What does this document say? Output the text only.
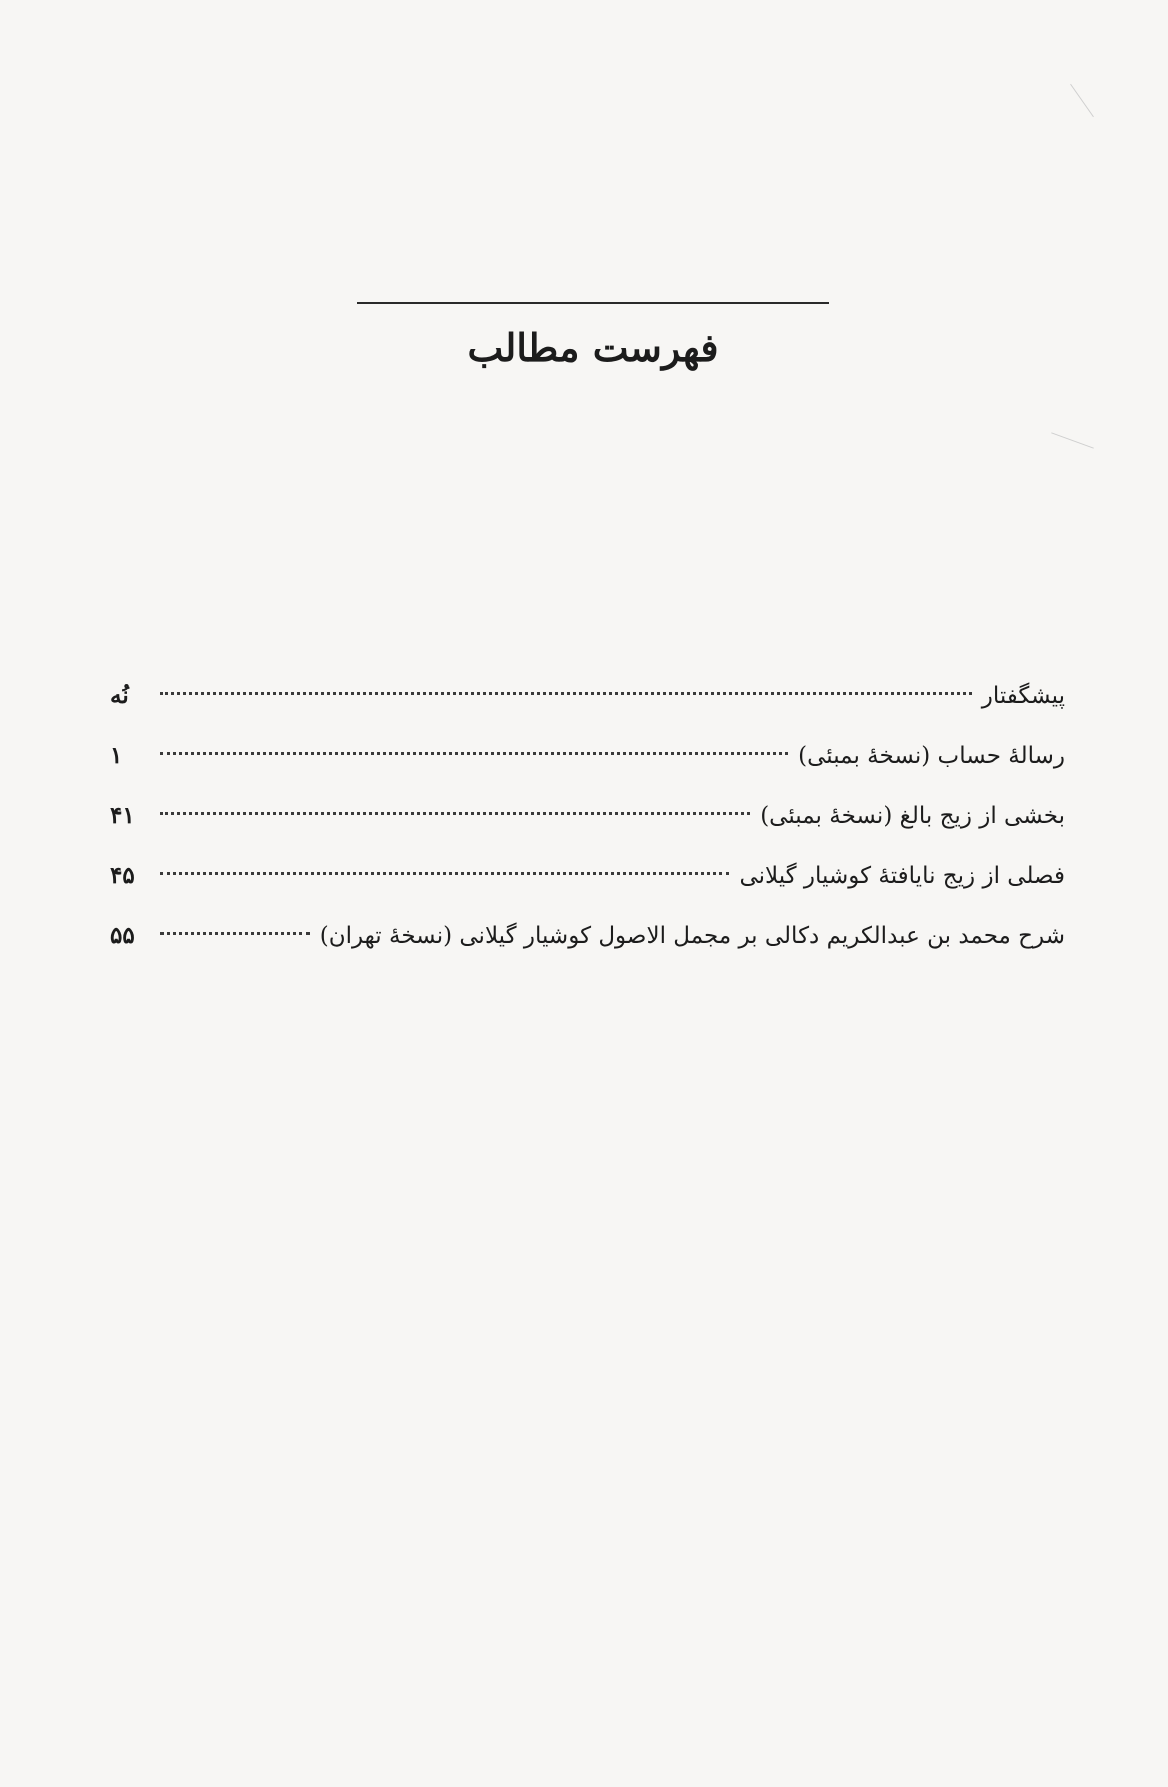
فهرست مطالب
پیشگفتار
نُه
رسالهٔ حساب (نسخهٔ بمبئی)
۱
بخشی از زیج بالغ (نسخهٔ بمبئی)
۴۱
فصلی از زیج نایافتهٔ کوشیار گیلانی
۴۵
شرح محمد بن عبدالکریم دکالی بر مجمل الاصول کوشیار گیلانی (نسخهٔ تهران)
۵۵
